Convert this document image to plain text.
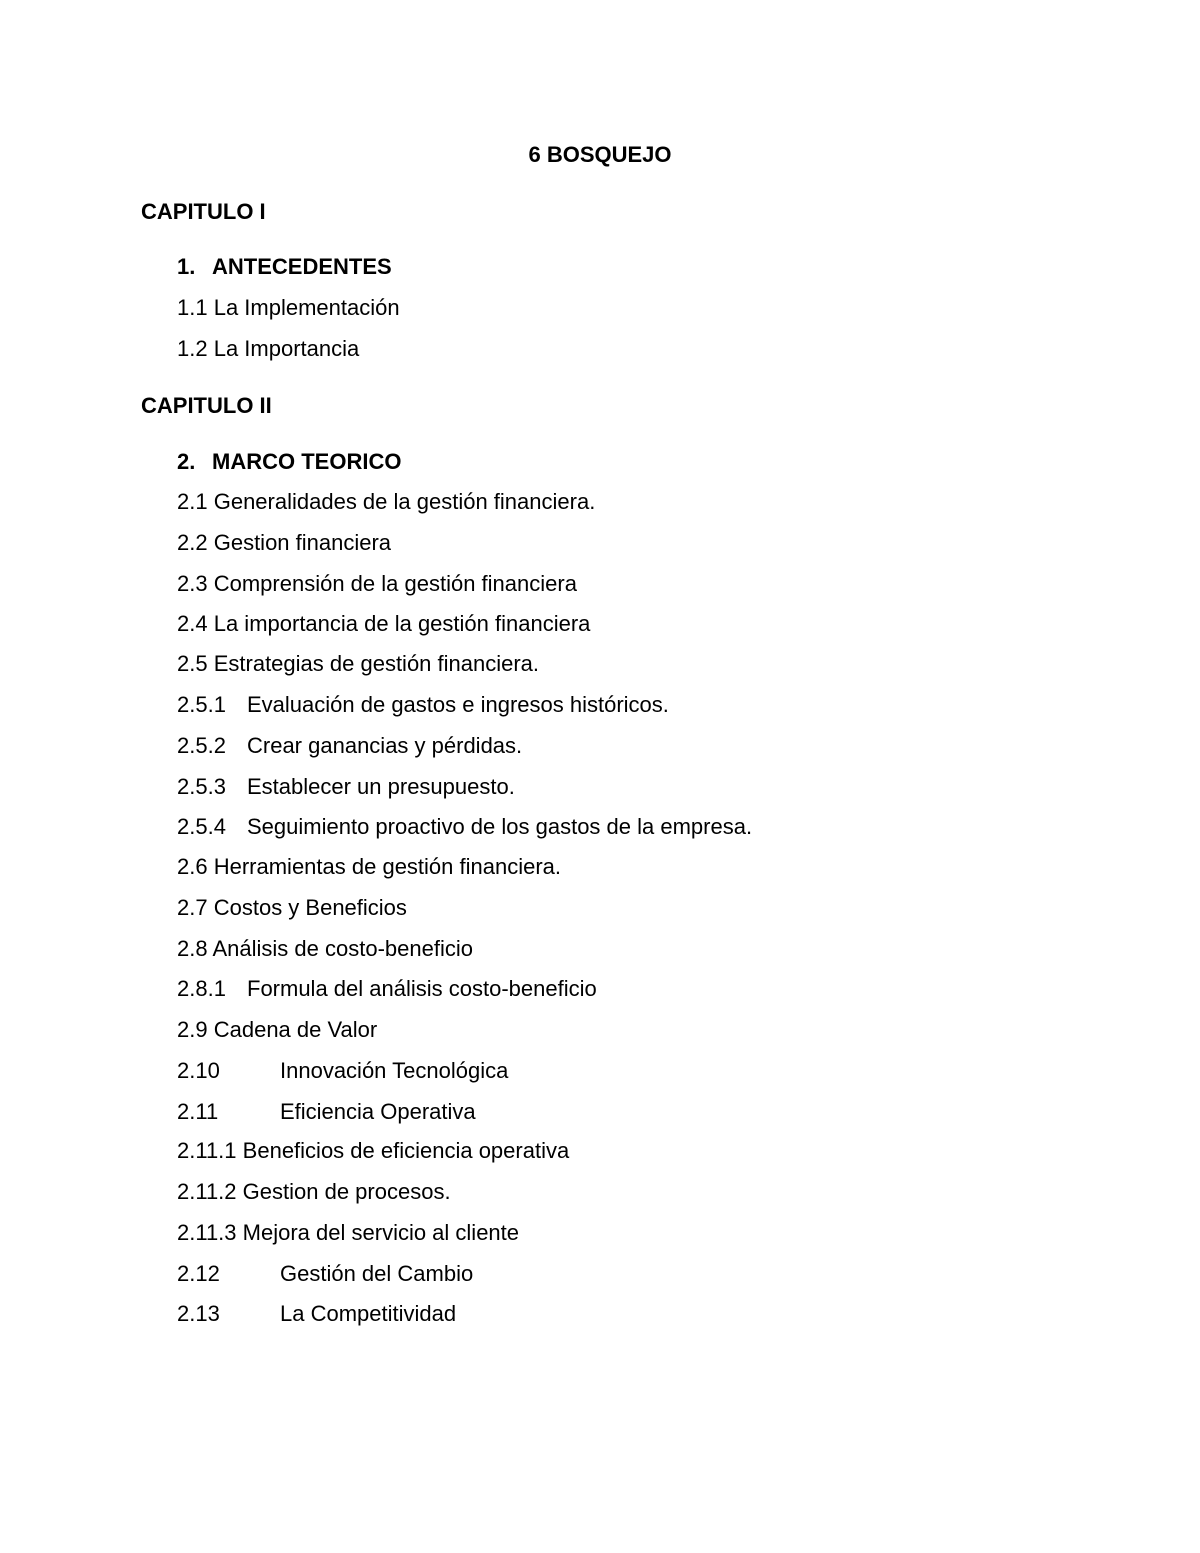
6 BOSQUEJO
CAPITULO I
1. ANTECEDENTES
1.1 La Implementación
1.2 La Importancia
CAPITULO II
2. MARCO TEORICO
2.1 Generalidades de la gestión financiera.
2.2 Gestion financiera
2.3 Comprensión de la gestión financiera
2.4 La importancia de la gestión financiera
2.5 Estrategias de gestión financiera.
2.5.1 Evaluación de gastos e ingresos históricos.
2.5.2 Crear ganancias y pérdidas.
2.5.3 Establecer un presupuesto.
2.5.4 Seguimiento proactivo de los gastos de la empresa.
2.6 Herramientas de gestión financiera.
2.7 Costos y Beneficios
2.8 Análisis de costo-beneficio
2.8.1 Formula del análisis costo-beneficio
2.9 Cadena de Valor
2.10	Innovación Tecnológica
2.11	Eficiencia Operativa
2.11.1 Beneficios de eficiencia operativa
2.11.2 Gestion de procesos.
2.11.3 Mejora del servicio al cliente
2.12	Gestión del Cambio
2.13	La Competitividad
